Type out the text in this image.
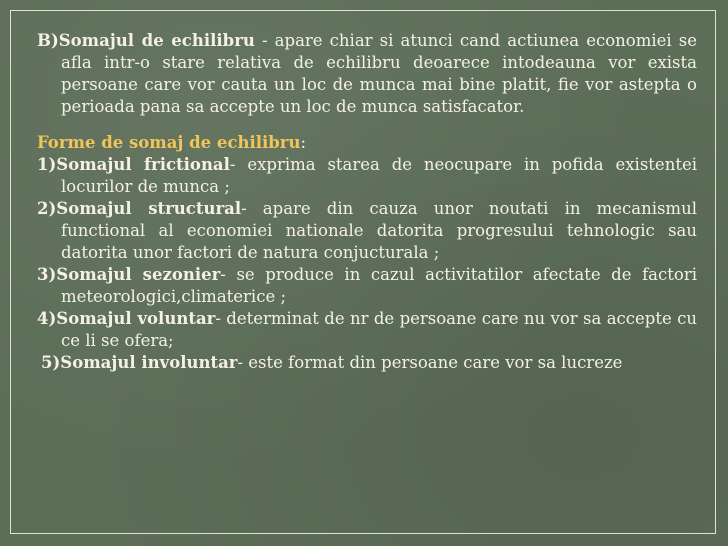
B)Somajul de echilibru - apare chiar si atunci cand actiunea economiei se afla intr-o stare relativa de echilibru deoarece intodeauna vor exista persoane care vor cauta un loc de munca mai bine platit, fie vor astepta o perioada pana sa accepte un loc de munca satisfacator.

Forme de somaj de echilibru:

1)Somajul frictional- exprima starea de neocupare in pofida existentei locurilor de munca ;

2)Somajul structural- apare din cauza unor noutati in mecanismul functional al economiei nationale datorita progresului tehnologic sau datorita unor factori de natura conjucturala ;

3)Somajul sezonier- se produce in cazul activitatilor afectate de factori meteorologici,climaterice ;

4)Somajul voluntar- determinat de nr de persoane care nu vor sa accepte cu ce li se ofera;

5)Somajul involuntar- este format din persoane care vor sa lucreze
